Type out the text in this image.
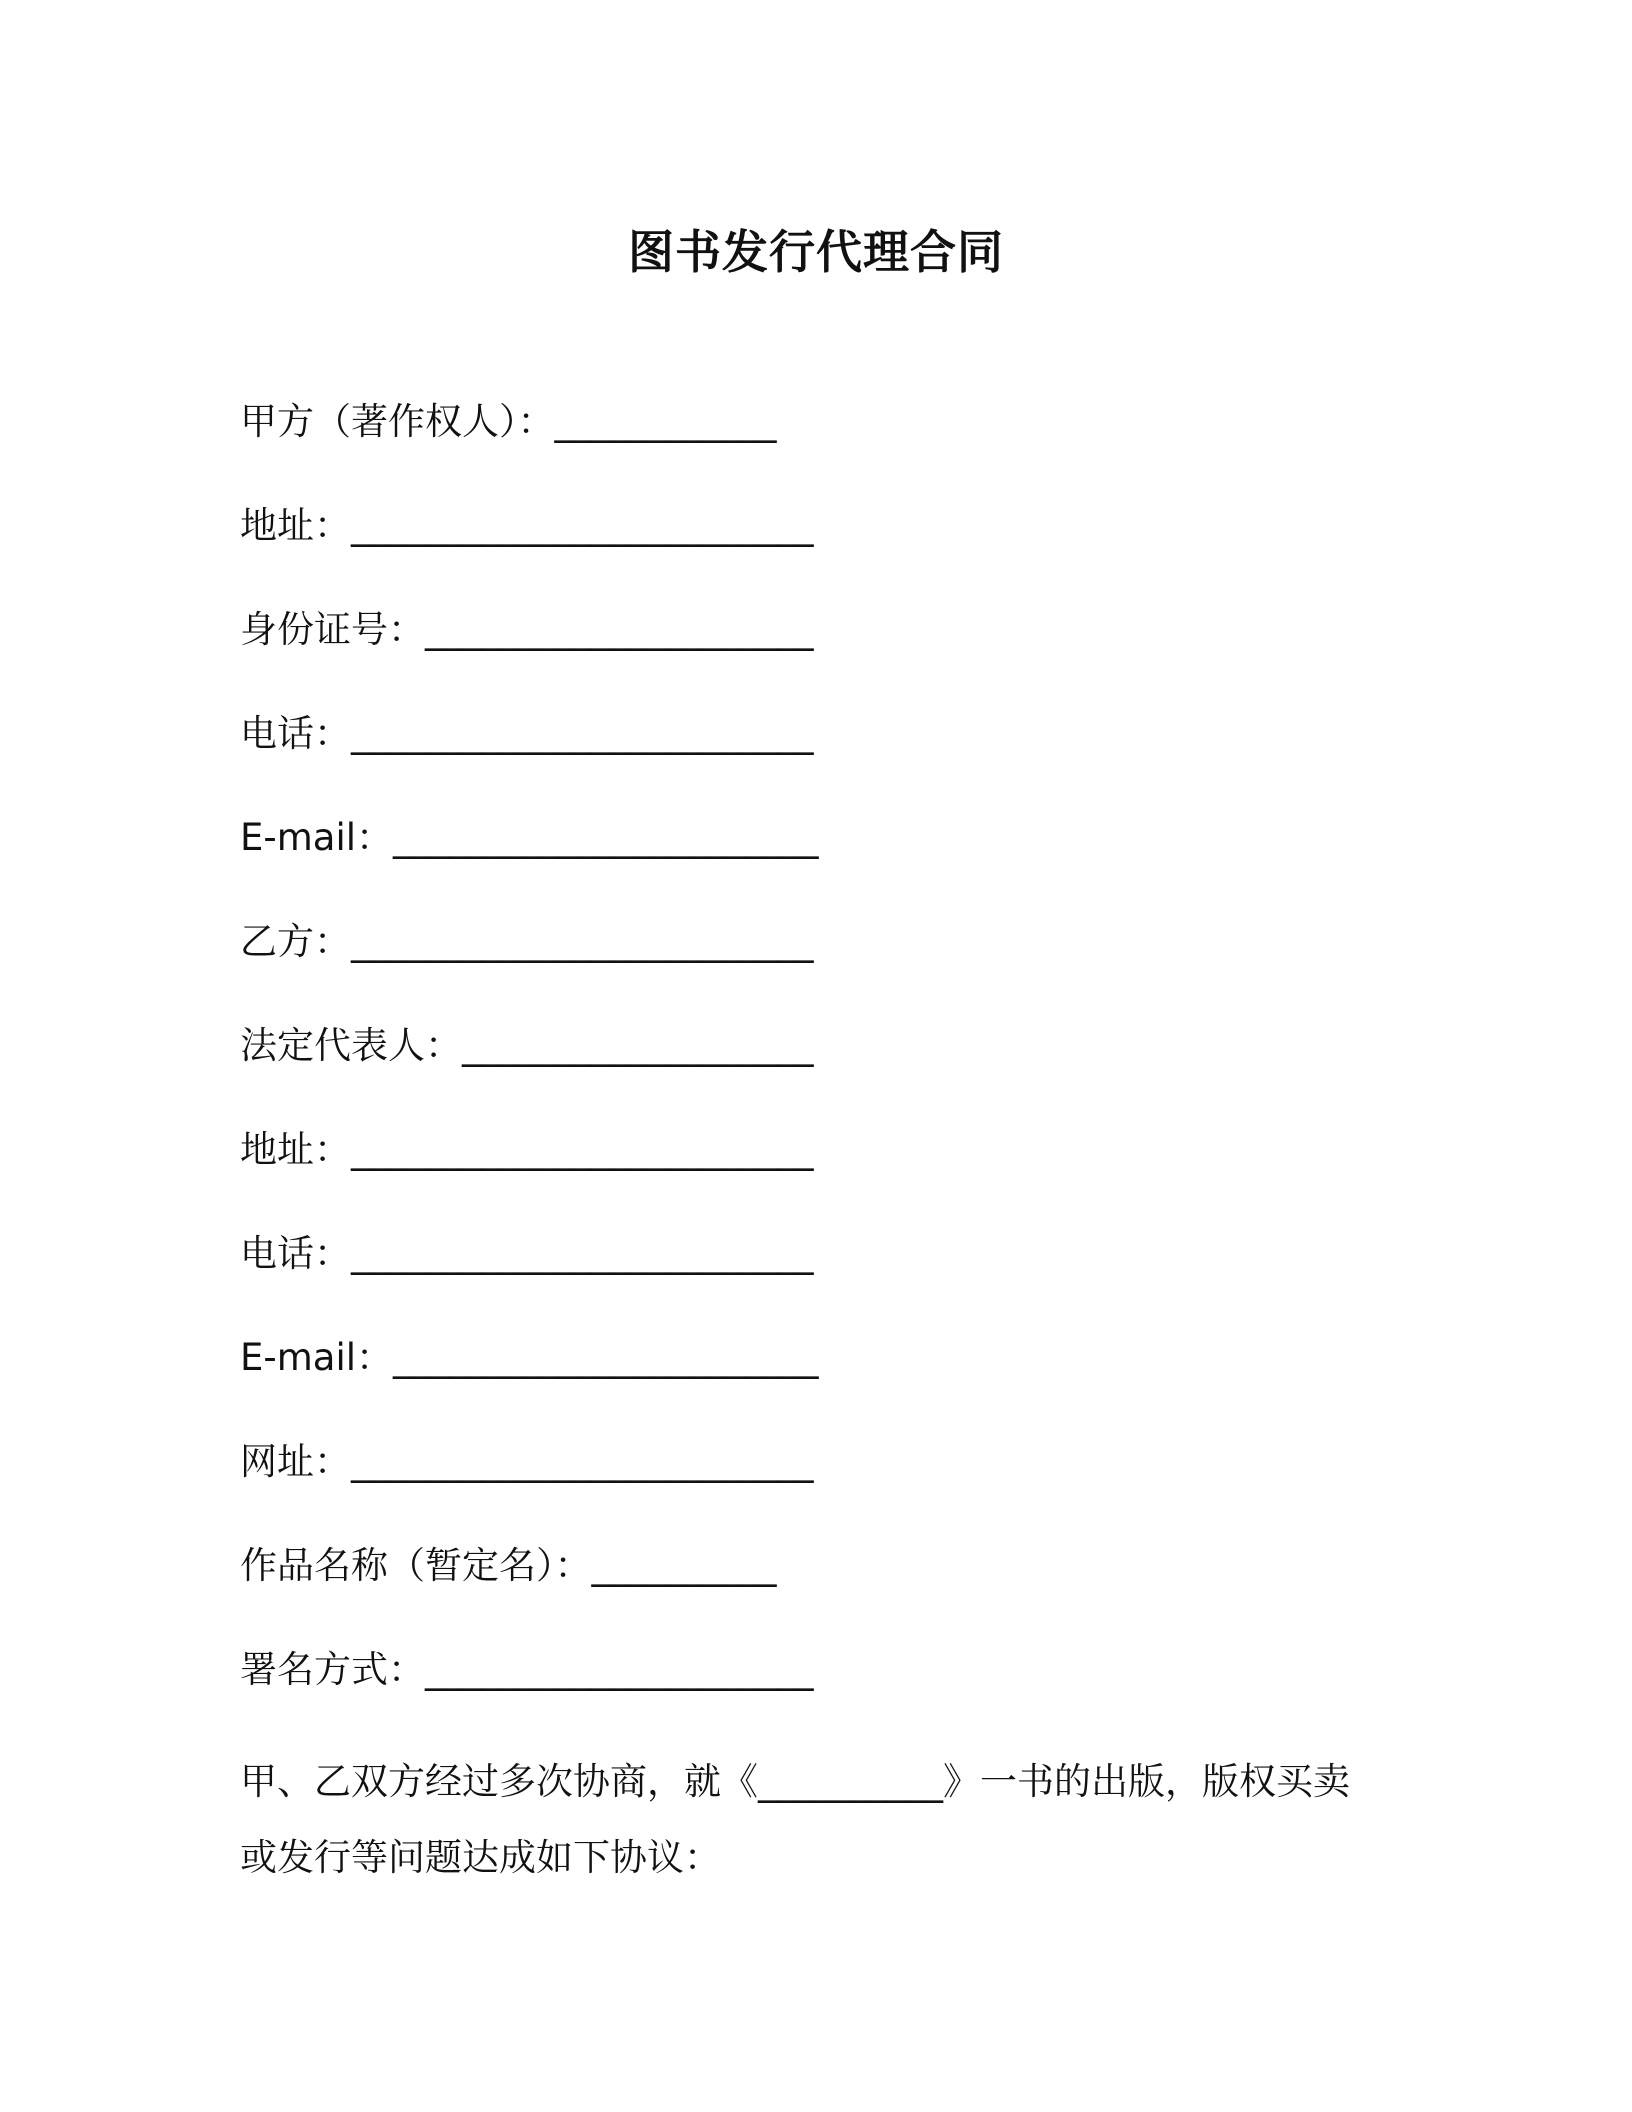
图书发行代理合同
甲方（著作权人）：____________
地址：_________________________
身份证号：_____________________
电话：_________________________
E-mail：_______________________
乙方：_________________________
法定代表人：___________________
地址：_________________________
电话：_________________________
E-mail：_______________________
网址：_________________________
作品名称（暂定名）：__________
署名方式：_____________________
甲、乙双方经过多次协商，就《__________》一书的出版，版权买卖
或发行等问题达成如下协议：
